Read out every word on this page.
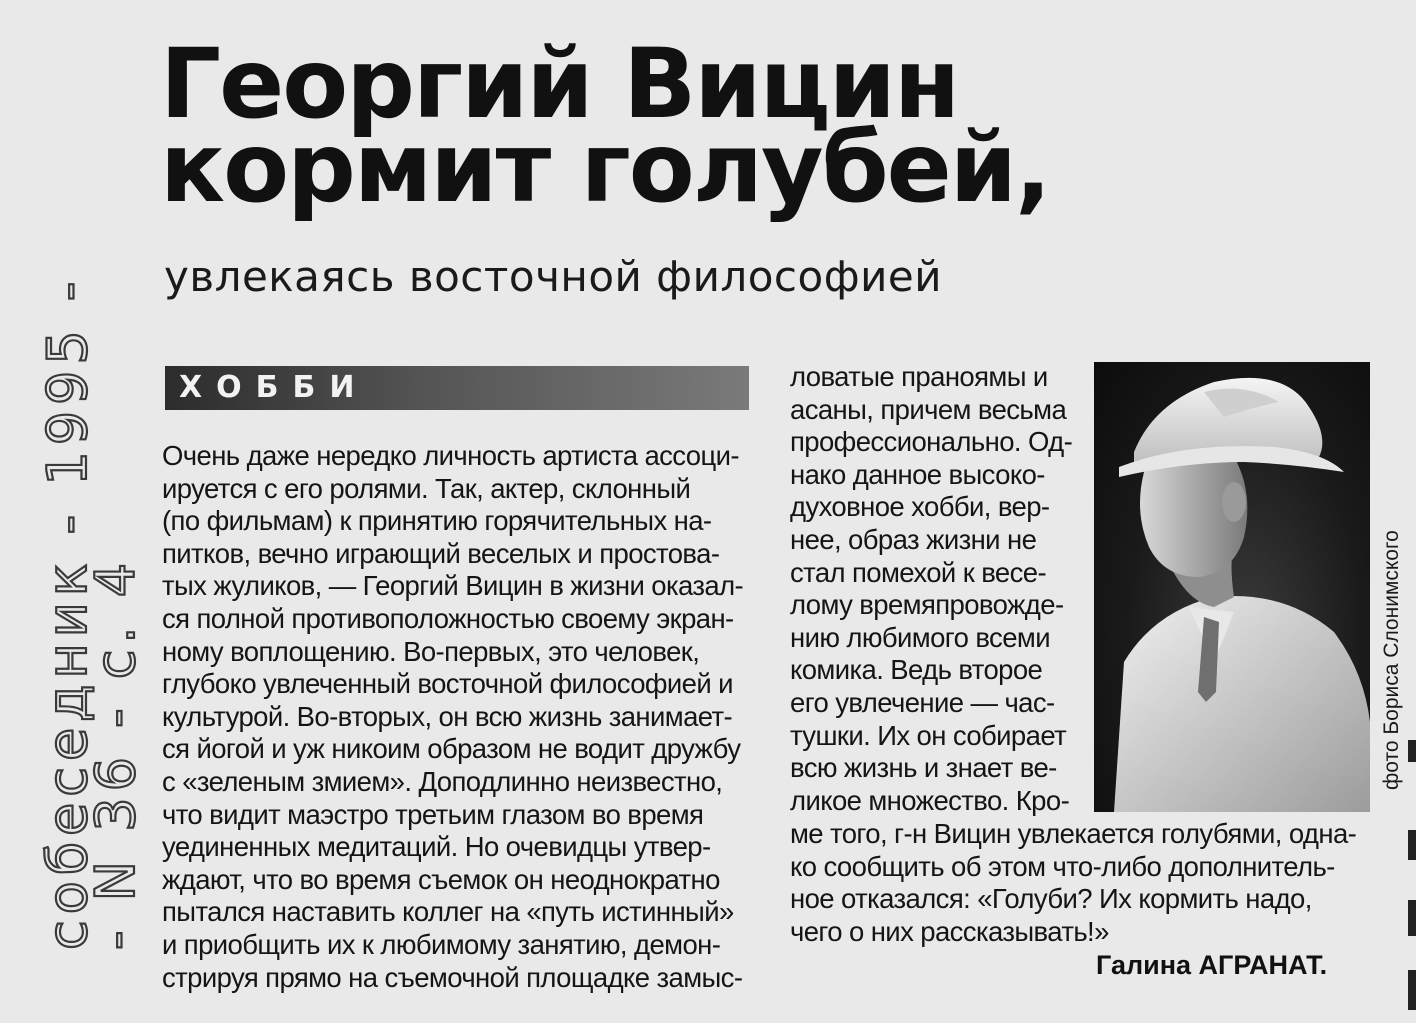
собеседник - 1995 -
- N 36 - с. 4
Георгий Вицин
кормит голубей,
увлекаясь восточной философией
ХОББИ
Очень даже нередко личность артиста ассоци-
ируется с его ролями. Так, актер, склонный
(по фильмам) к принятию горячительных на-
питков, вечно играющий веселых и простова-
тых жуликов, — Георгий Вицин в жизни оказал-
ся полной противоположностью своему экран-
ному воплощению. Во-первых, это человек,
глубоко увлеченный восточной философией и
культурой. Во-вторых, он всю жизнь занимает-
ся йогой и уж никоим образом не водит дружбу
с «зеленым змием». Доподлинно неизвестно,
что видит маэстро третьим глазом во время
уединенных медитаций. Но очевидцы утвер-
ждают, что во время съемок он неоднократно
пытался наставить коллег на «путь истинный»
и приобщить их к любимому занятию, демон-
стрируя прямо на съемочной площадке замыс-
ловатые праноямы и
асаны, причем весьма
профессионально. Од-
нако данное высоко-
духовное хобби, вер-
нее, образ жизни не
стал помехой к весе-
лому времяпровожде-
нию любимого всеми
комика. Ведь второе
его увлечение — час-
тушки. Их он собирает
всю жизнь и знает ве-
ликое множество. Кро-
ме того, г-н Вицин увлекается голубями, одна-
ко сообщить об этом что-либо дополнитель-
ное отказался: «Голуби? Их кормить надо,
чего о них рассказывать!»
Галина АГРАНАТ.
фото Бориса Слонимского
